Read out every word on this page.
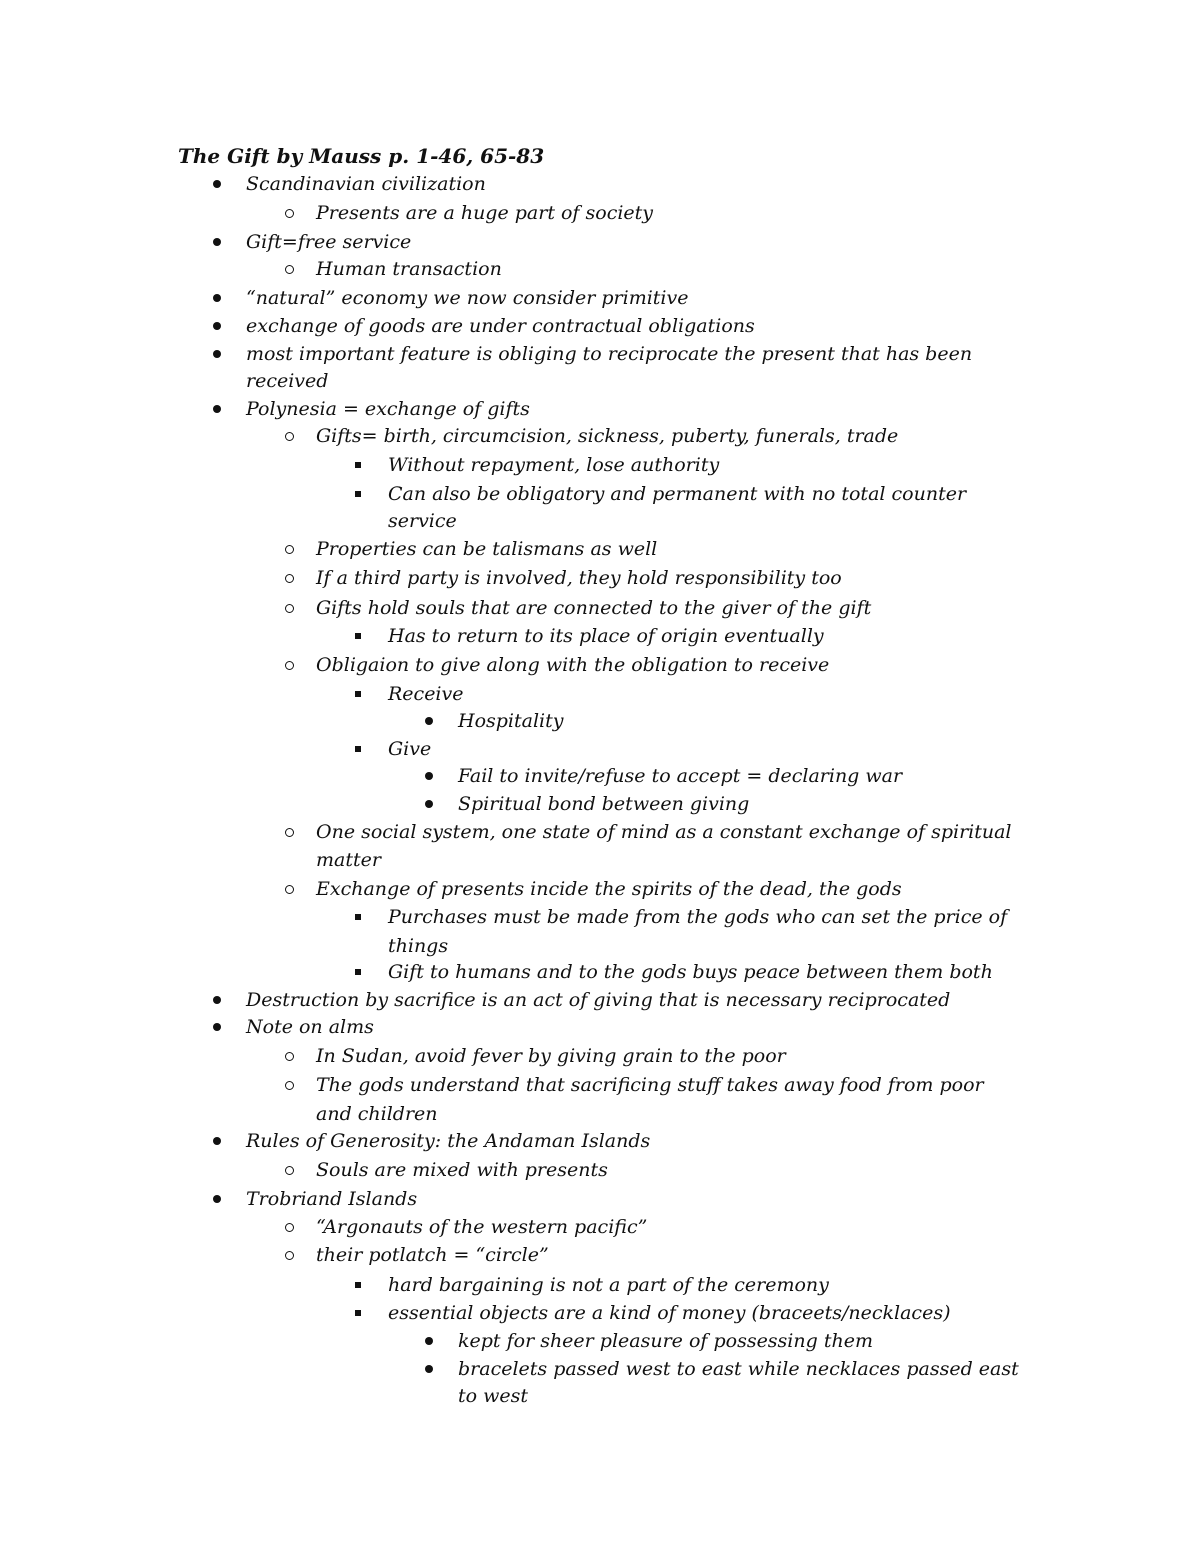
The Gift by Mauss p. 1-46, 65-83
Scandinavian civilization
Presents are a huge part of society
Gift=free service
Human transaction
“natural” economy we now consider primitive
exchange of goods are under contractual obligations
most important feature is obliging to reciprocate the present that has been
received
Polynesia = exchange of gifts
Gifts= birth, circumcision, sickness, puberty, funerals, trade
Without repayment, lose authority
Can also be obligatory and permanent with no total counter
service
Properties can be talismans as well
If a third party is involved, they hold responsibility too
Gifts hold souls that are connected to the giver of the gift
Has to return to its place of origin eventually
Obligaion to give along with the obligation to receive
Receive
Hospitality
Give
Fail to invite/refuse to accept = declaring war
Spiritual bond between giving
One social system, one state of mind as a constant exchange of spiritual
matter
Exchange of presents incide the spirits of the dead, the gods
Purchases must be made from the gods who can set the price of
things
Gift to humans and to the gods buys peace between them both
Destruction by sacrifice is an act of giving that is necessary reciprocated
Note on alms
In Sudan, avoid fever by giving grain to the poor
The gods understand that sacrificing stuff takes away food from poor
and children
Rules of Generosity: the Andaman Islands
Souls are mixed with presents
Trobriand Islands
“Argonauts of the western pacific”
their potlatch = “circle”
hard bargaining is not a part of the ceremony
essential objects are a kind of money (braceets/necklaces)
kept for sheer pleasure of possessing them
bracelets passed west to east while necklaces passed east
to west
